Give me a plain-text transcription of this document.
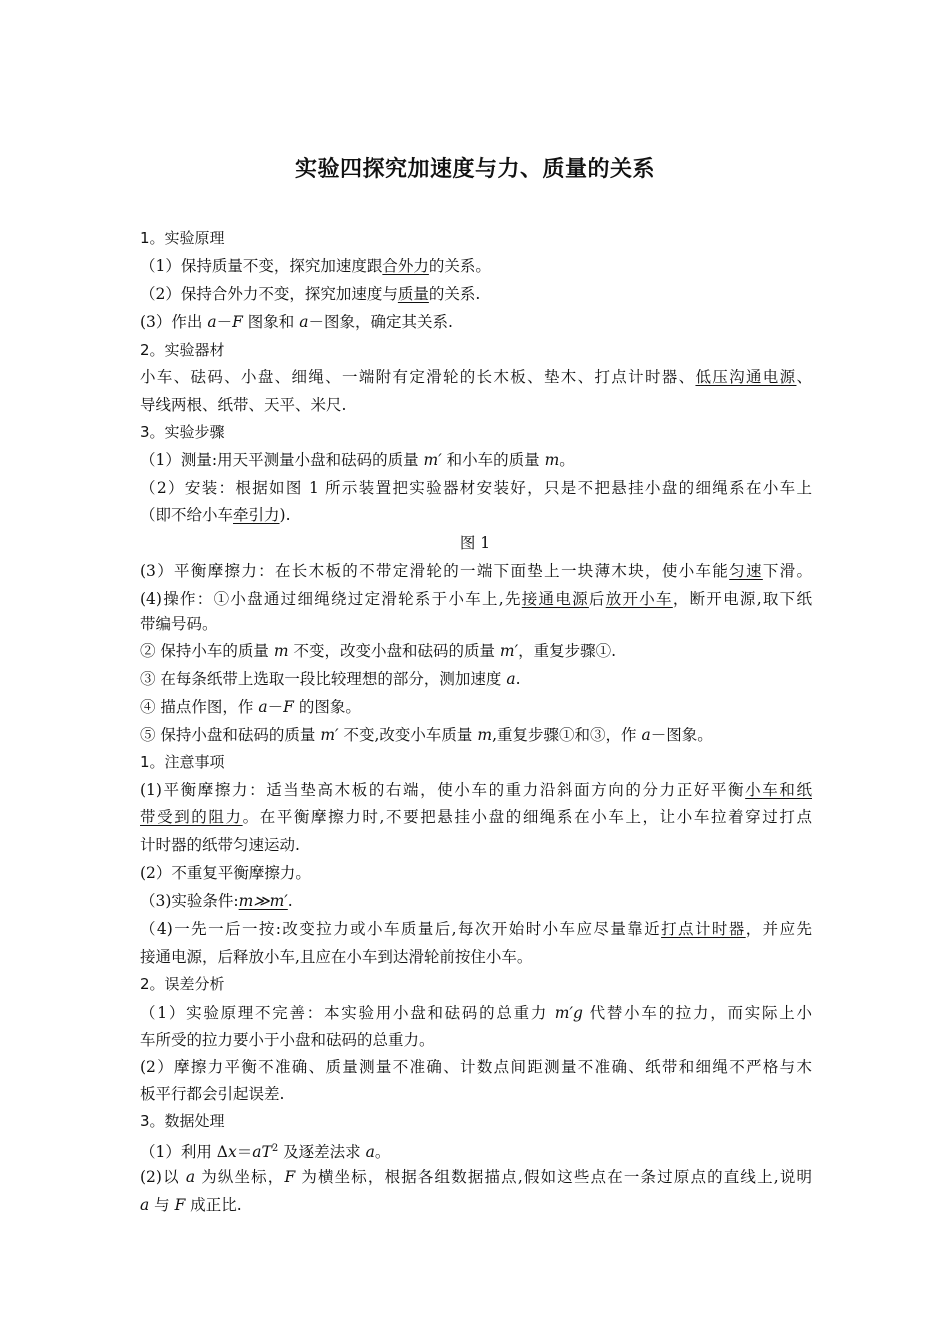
实验四探究加速度与力、质量的关系
1。实验原理
（1）保持质量不变，探究加速度跟合外力的关系。
（2）保持合外力不变，探究加速度与质量的关系.
(3）作出 a－F 图象和 a－图象，确定其关系.
2。实验器材
小车、砝码、小盘、细绳、一端附有定滑轮的长木板、垫木、打点计时器、低压沟通电源、
导线两根、纸带、天平、米尺.
3。实验步骤
（1）测量:用天平测量小盘和砝码的质量 m′ 和小车的质量 m。
（2）安装：根据如图 1 所示装置把实验器材安装好，只是不把悬挂小盘的细绳系在小车上
（即不给小车牵引力).
图 1
(3）平衡摩擦力：在长木板的不带定滑轮的一端下面垫上一块薄木块，使小车能匀速下滑。
(4)操作：①小盘通过细绳绕过定滑轮系于小车上,先接通电源后放开小车，断开电源,取下纸
带编号码。
② 保持小车的质量 m 不变，改变小盘和砝码的质量 m′，重复步骤①.
③ 在每条纸带上选取一段比较理想的部分，测加速度 a.
④ 描点作图，作 a－F 的图象。
⑤ 保持小盘和砝码的质量 m′ 不变,改变小车质量 m,重复步骤①和③，作 a－图象。
1。注意事项
(1)平衡摩擦力：适当垫高木板的右端，使小车的重力沿斜面方向的分力正好平衡小车和纸
带受到的阻力。在平衡摩擦力时,不要把悬挂小盘的细绳系在小车上，让小车拉着穿过打点
计时器的纸带匀速运动.
(2）不重复平衡摩擦力。
（3)实验条件:m≫m′.
（4)一先一后一按:改变拉力或小车质量后,每次开始时小车应尽量靠近打点计时器，并应先
接通电源，后释放小车,且应在小车到达滑轮前按住小车。
2。误差分析
（1）实验原理不完善：本实验用小盘和砝码的总重力 m′g 代替小车的拉力，而实际上小
车所受的拉力要小于小盘和砝码的总重力。
(2）摩擦力平衡不准确、质量测量不准确、计数点间距测量不准确、纸带和细绳不严格与木
板平行都会引起误差.
3。数据处理
（1）利用 $\Delta x=aT^2$ 及逐差法求 a。
(2)以 a 为纵坐标，F 为横坐标，根据各组数据描点,假如这些点在一条过原点的直线上,说明
a 与 F 成正比.
